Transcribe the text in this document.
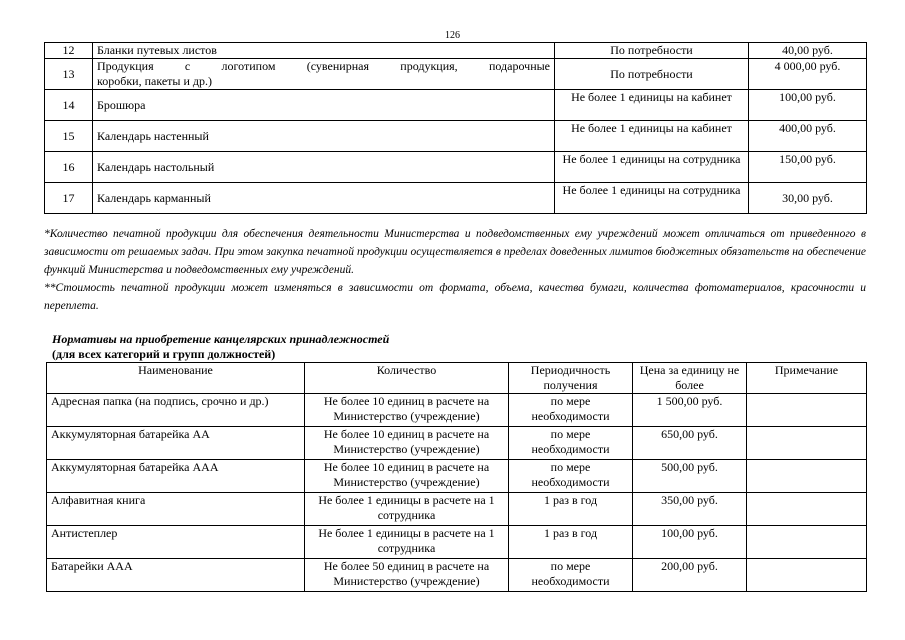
126
12	Бланки путевых листов	По потребности	40,00 руб.
13	Продукция с логотипом (сувенирная продукция, подарочные
коробки, пакеты и др.)	По потребности	4 000,00 руб.
14	Брошюра	Не более 1 единицы на кабинет	100,00 руб.
15	Календарь настенный	Не более 1 единицы на кабинет	400,00 руб.
16	Календарь настольный	Не более 1 единицы на сотрудника	150,00 руб.
17	Календарь карманный	Не более 1 единицы на сотрудника	30,00 руб.

*Количество печатной продукции для обеспечения деятельности Министерства и подведомственных ему учреждений может отличаться от приведенного в зависимости от решаемых задач. При этом закупка печатной продукции осуществляется в пределах доведенных лимитов бюджетных обязательств на обеспечение функций Министерства и подведомственных ему учреждений.

**Стоимость печатной продукции может изменяться в зависимости от формата, объема, качества бумаги, количества фотоматериалов, красочности и переплета.

Нормативы на приобретение канцелярских принадлежностей
(для всех категорий и групп должностей)
Наименование	Количество	Периодичность получения	Цена за единицу не более	Примечание
Адресная папка (на подпись, срочно и др.)	Не более 10 единиц в расчете на Министерство (учреждение)	по мере необходимости	1 500,00 руб.	
Аккумуляторная батарейка АА	Не более 10 единиц в расчете на Министерство (учреждение)	по мере необходимости	650,00 руб.	
Аккумуляторная батарейка ААА	Не более 10 единиц в расчете на Министерство (учреждение)	по мере необходимости	500,00 руб.	
Алфавитная книга	Не более 1 единицы в расчете на 1 сотрудника	1 раз в год	350,00 руб.	
Антистеплер	Не более 1 единицы в расчете на 1 сотрудника	1 раз в год	100,00 руб.	
Батарейки ААА	Не более 50 единиц в расчете на Министерство (учреждение)	по мере необходимости	200,00 руб.	
